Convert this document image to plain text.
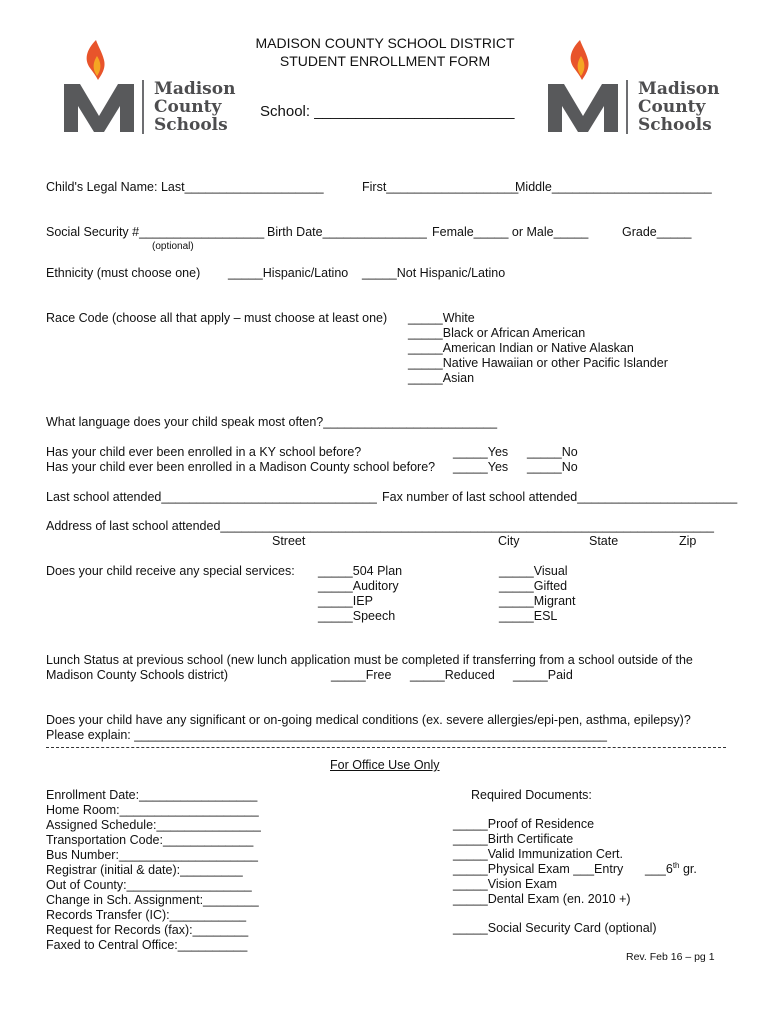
Madison
County
Schools
Madison
County
Schools
MADISON COUNTY SCHOOL DISTRICT
STUDENT ENROLLMENT FORM
School: ________________________
Child's Legal Name: Last____________________	First___________________
Middle_______________________
Social Security #__________________
(optional)
Birth Date_______________ Female_____ or Male_____	Grade_____
Ethnicity (must choose one) _____Hispanic/Latino _____Not Hispanic/Latino
Race Code (choose all that apply – must choose at least one) _____White
_____Black or African American
_____American Indian or Native Alaskan
_____Native Hawaiian or other Pacific Islander
_____Asian
What language does your child speak most often?_________________________
Has your child ever been enrolled in a KY school before?	_____Yes _____No
Has your child ever been enrolled in a Madison County school before? _____Yes _____No
Last school attended_______________________________ Fax number of last school attended_______________________
Address of last school attended_______________________________________________________________________
Street	City	State	Zip
Does your child receive any special services: _____504 Plan
_____Auditory
_____IEP
_____Speech
_____Visual
_____Gifted
_____Migrant
_____ESL
Lunch Status at previous school (new lunch application must be completed if transferring from a school outside of the
Madison County Schools district)	_____Free _____Reduced _____Paid
Does your child have any significant or on-going medical conditions (ex. severe allergies/epi-pen, asthma, epilepsy)?
Please explain: ____________________________________________________________________
For Office Use Only
Enrollment Date:_________________
Home Room:____________________
Assigned Schedule:_______________
Transportation Code:_____________
Bus Number:____________________
Registrar (initial & date):_________
Out of County:__________________
Change in Sch. Assignment:________
Records Transfer (IC):___________
Request for Records (fax):________
Faxed to Central Office:__________
Required Documents:
_____Proof of Residence
_____Birth Certificate
_____Valid Immunization Cert.
_____Physical Exam ___Entry ___6th gr.
_____Vision Exam
_____Dental Exam (en. 2010 +)
_____Social Security Card (optional)
Rev. Feb 16 – pg 1
